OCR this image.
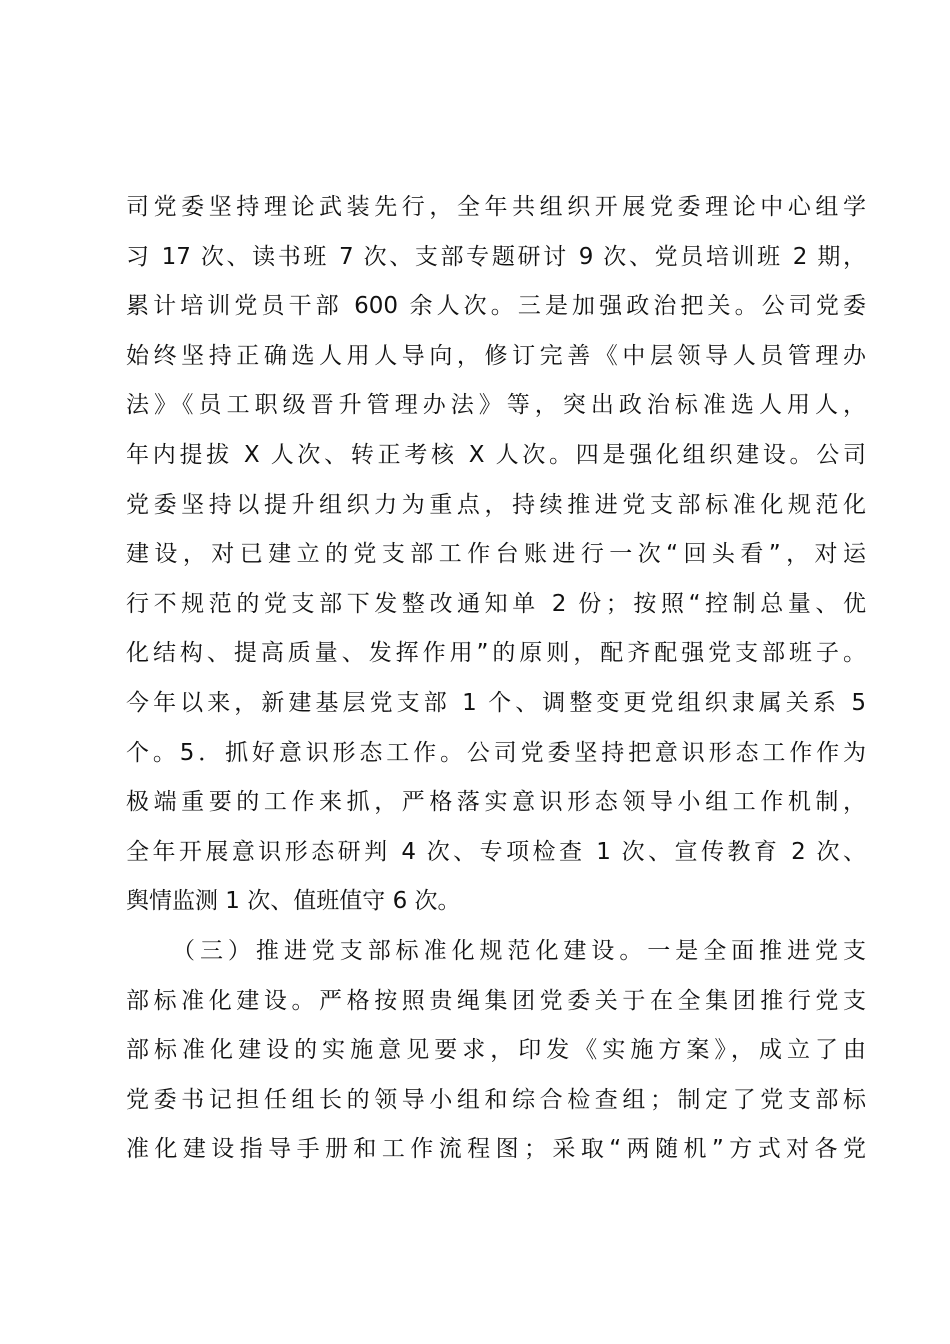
司党委坚持理论武装先行，全年共组织开展党委理论中心组学
习 17 次、读书班 7 次、支部专题研讨 9 次、党员培训班 2 期，
累计培训党员干部 600 余人次。三是加强政治把关。公司党委
始终坚持正确选人用人导向，修订完善《中层领导人员管理办
法》《员工职级晋升管理办法》等，突出政治标准选人用人，
年内提拔 X 人次、转正考核 X 人次。四是强化组织建设。公司
党委坚持以提升组织力为重点，持续推进党支部标准化规范化
建设，对已建立的党支部工作台账进行一次“回头看”，对运
行不规范的党支部下发整改通知单 2 份；按照“控制总量、优
化结构、提高质量、发挥作用”的原则，配齐配强党支部班子。
今年以来，新建基层党支部 1 个、调整变更党组织隶属关系 5
个。5．抓好意识形态工作。公司党委坚持把意识形态工作作为
极端重要的工作来抓，严格落实意识形态领导小组工作机制，
全年开展意识形态研判 4 次、专项检查 1 次、宣传教育 2 次、
舆情监测 1 次、值班值守 6 次。
（三）推进党支部标准化规范化建设。一是全面推进党支
部标准化建设。严格按照贵绳集团党委关于在全集团推行党支
部标准化建设的实施意见要求，印发《实施方案》，成立了由
党委书记担任组长的领导小组和综合检查组；制定了党支部标
准化建设指导手册和工作流程图；采取“两随机”方式对各党
